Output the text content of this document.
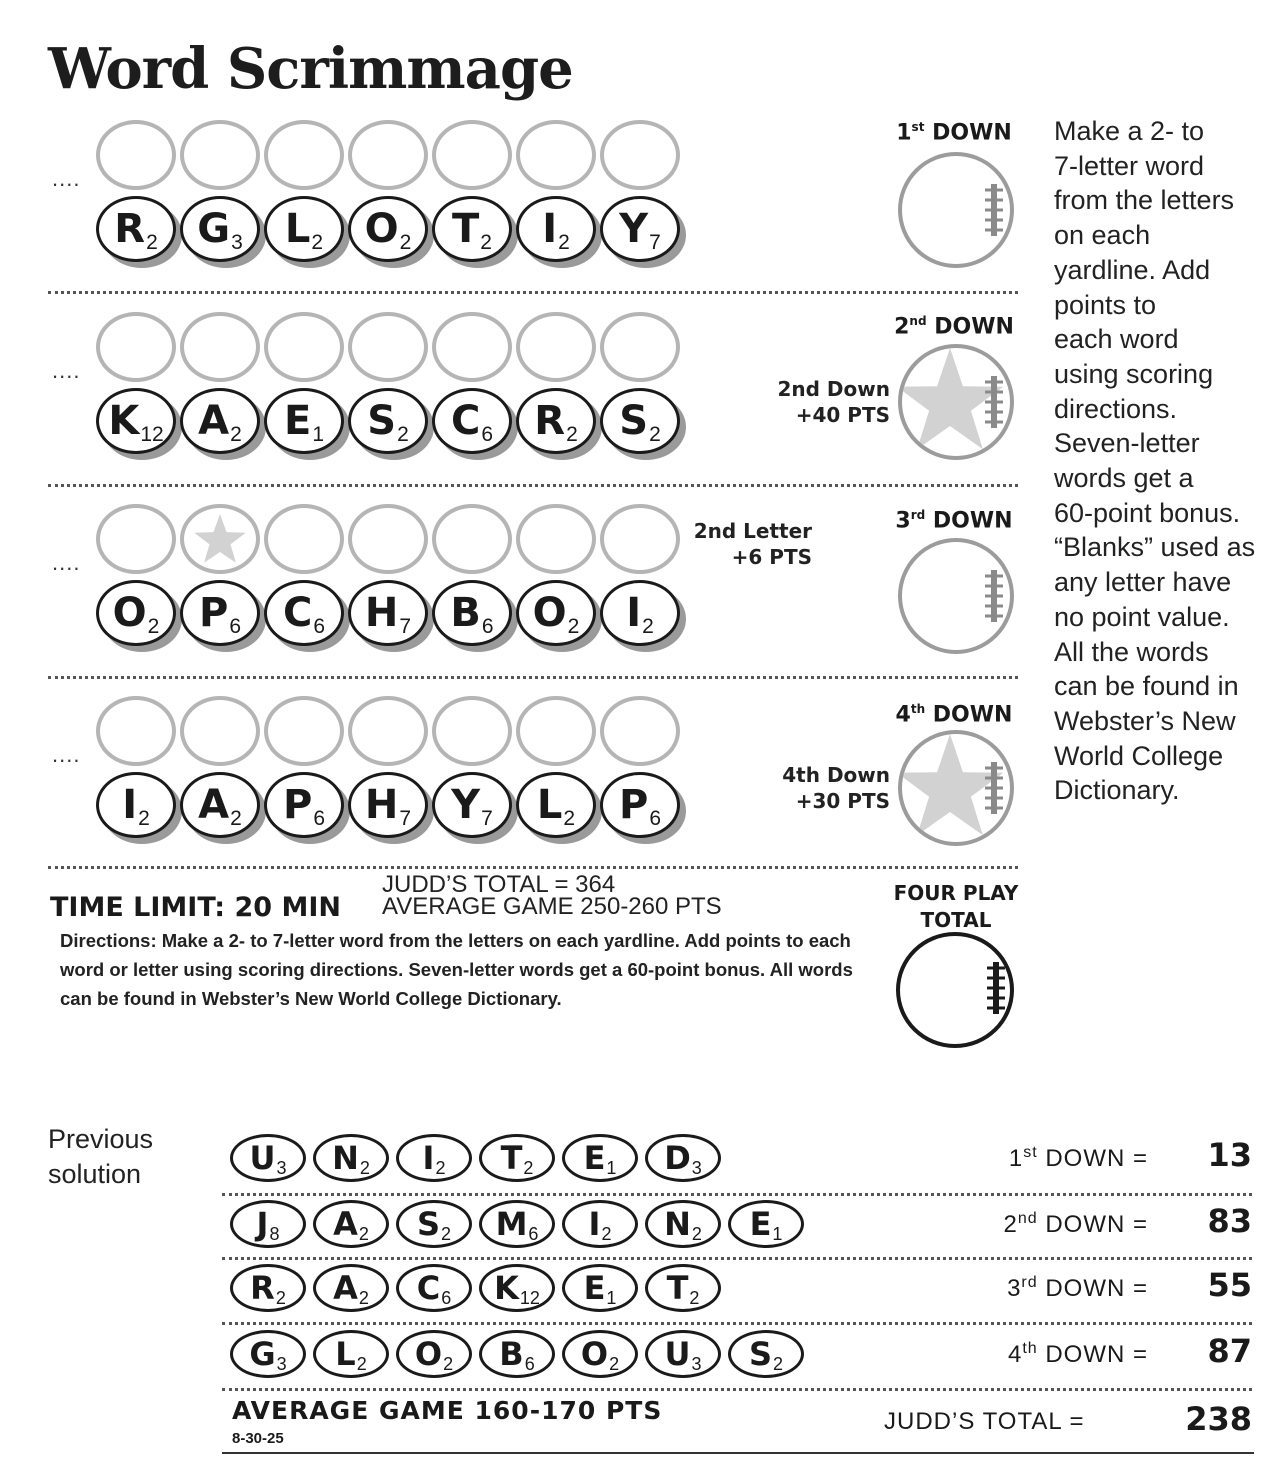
Word Scrimmage
....
R 2 G 3 L 2 O 2 T 2 I 2 Y 7
....
K 12 A 2 E 1 S 2 C 6 R 2 S 2
....
O 2 P 6 C 6 H 7 B 6 O 2 I 2
....
I 2 A 2 P 6 H 7 Y 7 L 2 P 6
Make a 2- to
7-letter word
from the letters
on each
yardline. Add
points to
each word
using scoring
directions.
Seven-letter
words get a
60-point bonus.
“Blanks” used as
any letter have
no point value.
All the words
can be found in
Webster’s New
World College
Dictionary.
TIME LIMIT: 20 MIN
JUDD’S TOTAL = 364
AVERAGE GAME 250-260 PTS
Directions: Make a 2- to 7-letter word from the letters on each yardline. Add points to each word or letter using scoring directions. Seven-letter words get a 60-point bonus. All words can be found in Webster’s New World College Dictionary.
FOUR PLAY
TOTAL
Previous
solution	U 3 N 2 I 2 T 2 E 1 D 3	1st DOWN = 13
J 8 A 2 S 2 M 6 I 2 N 2 E 1	2nd DOWN = 83
R 2 A 2 C 6 K 12 E 1 T 2	3rd DOWN = 55
G 3 L 2 O 2 B 6 O 2 U 3 S 2	4th DOWN = 87
AVERAGE GAME 160-170 PTS
8-30-25
JUDD’S TOTAL =	238
1st DOWN
2nd DOWN
2nd Down
+40 PTS
3rd DOWN
2nd Letter
+6 PTS
4th DOWN
4th Down
+30 PTS
